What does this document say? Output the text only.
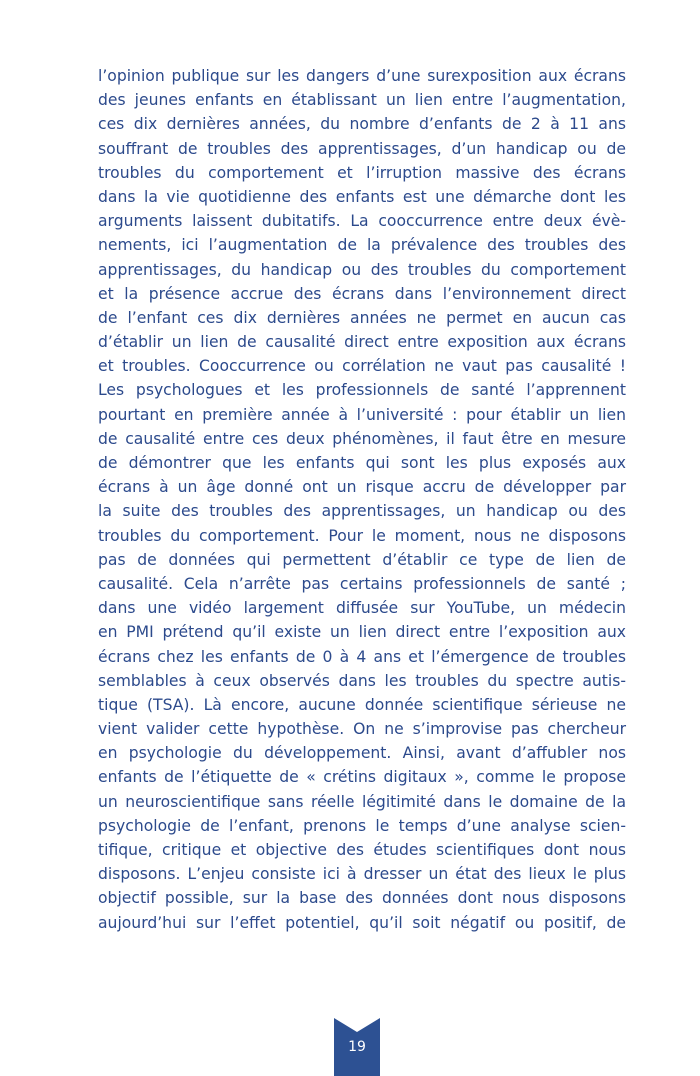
l’opinion publique sur les dangers d’une surexposition aux écrans
des jeunes enfants en établissant un lien entre l’augmentation,
ces dix dernières années, du nombre d’enfants de 2 à 11 ans
souffrant de troubles des apprentissages, d’un handicap ou de
troubles du comportement et l’irruption massive des écrans
dans la vie quotidienne des enfants est une démarche dont les
arguments laissent dubitatifs. La cooccurrence entre deux évè-
nements, ici l’augmentation de la prévalence des troubles des
apprentissages, du handicap ou des troubles du comportement
et la présence accrue des écrans dans l’environnement direct
de l’enfant ces dix dernières années ne permet en aucun cas
d’établir un lien de causalité direct entre exposition aux écrans
et troubles. Cooccurrence ou corrélation ne vaut pas causalité !
Les psychologues et les professionnels de santé l’apprennent
pourtant en première année à l’université : pour établir un lien
de causalité entre ces deux phénomènes, il faut être en mesure
de démontrer que les enfants qui sont les plus exposés aux
écrans à un âge donné ont un risque accru de développer par
la suite des troubles des apprentissages, un handicap ou des
troubles du comportement. Pour le moment, nous ne disposons
pas de données qui permettent d’établir ce type de lien de
causalité. Cela n’arrête pas certains professionnels de santé ;
dans une vidéo largement diffusée sur YouTube, un médecin
en PMI prétend qu’il existe un lien direct entre l’exposition aux
écrans chez les enfants de 0 à 4 ans et l’émergence de troubles
semblables à ceux observés dans les troubles du spectre autis-
tique (TSA). Là encore, aucune donnée scientifique sérieuse ne
vient valider cette hypothèse. On ne s’improvise pas chercheur
en psychologie du développement. Ainsi, avant d’affubler nos
enfants de l’étiquette de « crétins digitaux », comme le propose
un neuroscientifique sans réelle légitimité dans le domaine de la
psychologie de l’enfant, prenons le temps d’une analyse scien-
tifique, critique et objective des études scientifiques dont nous
disposons. L’enjeu consiste ici à dresser un état des lieux le plus
objectif possible, sur la base des données dont nous disposons
aujourd’hui sur l’effet potentiel, qu’il soit négatif ou positif, de
19
